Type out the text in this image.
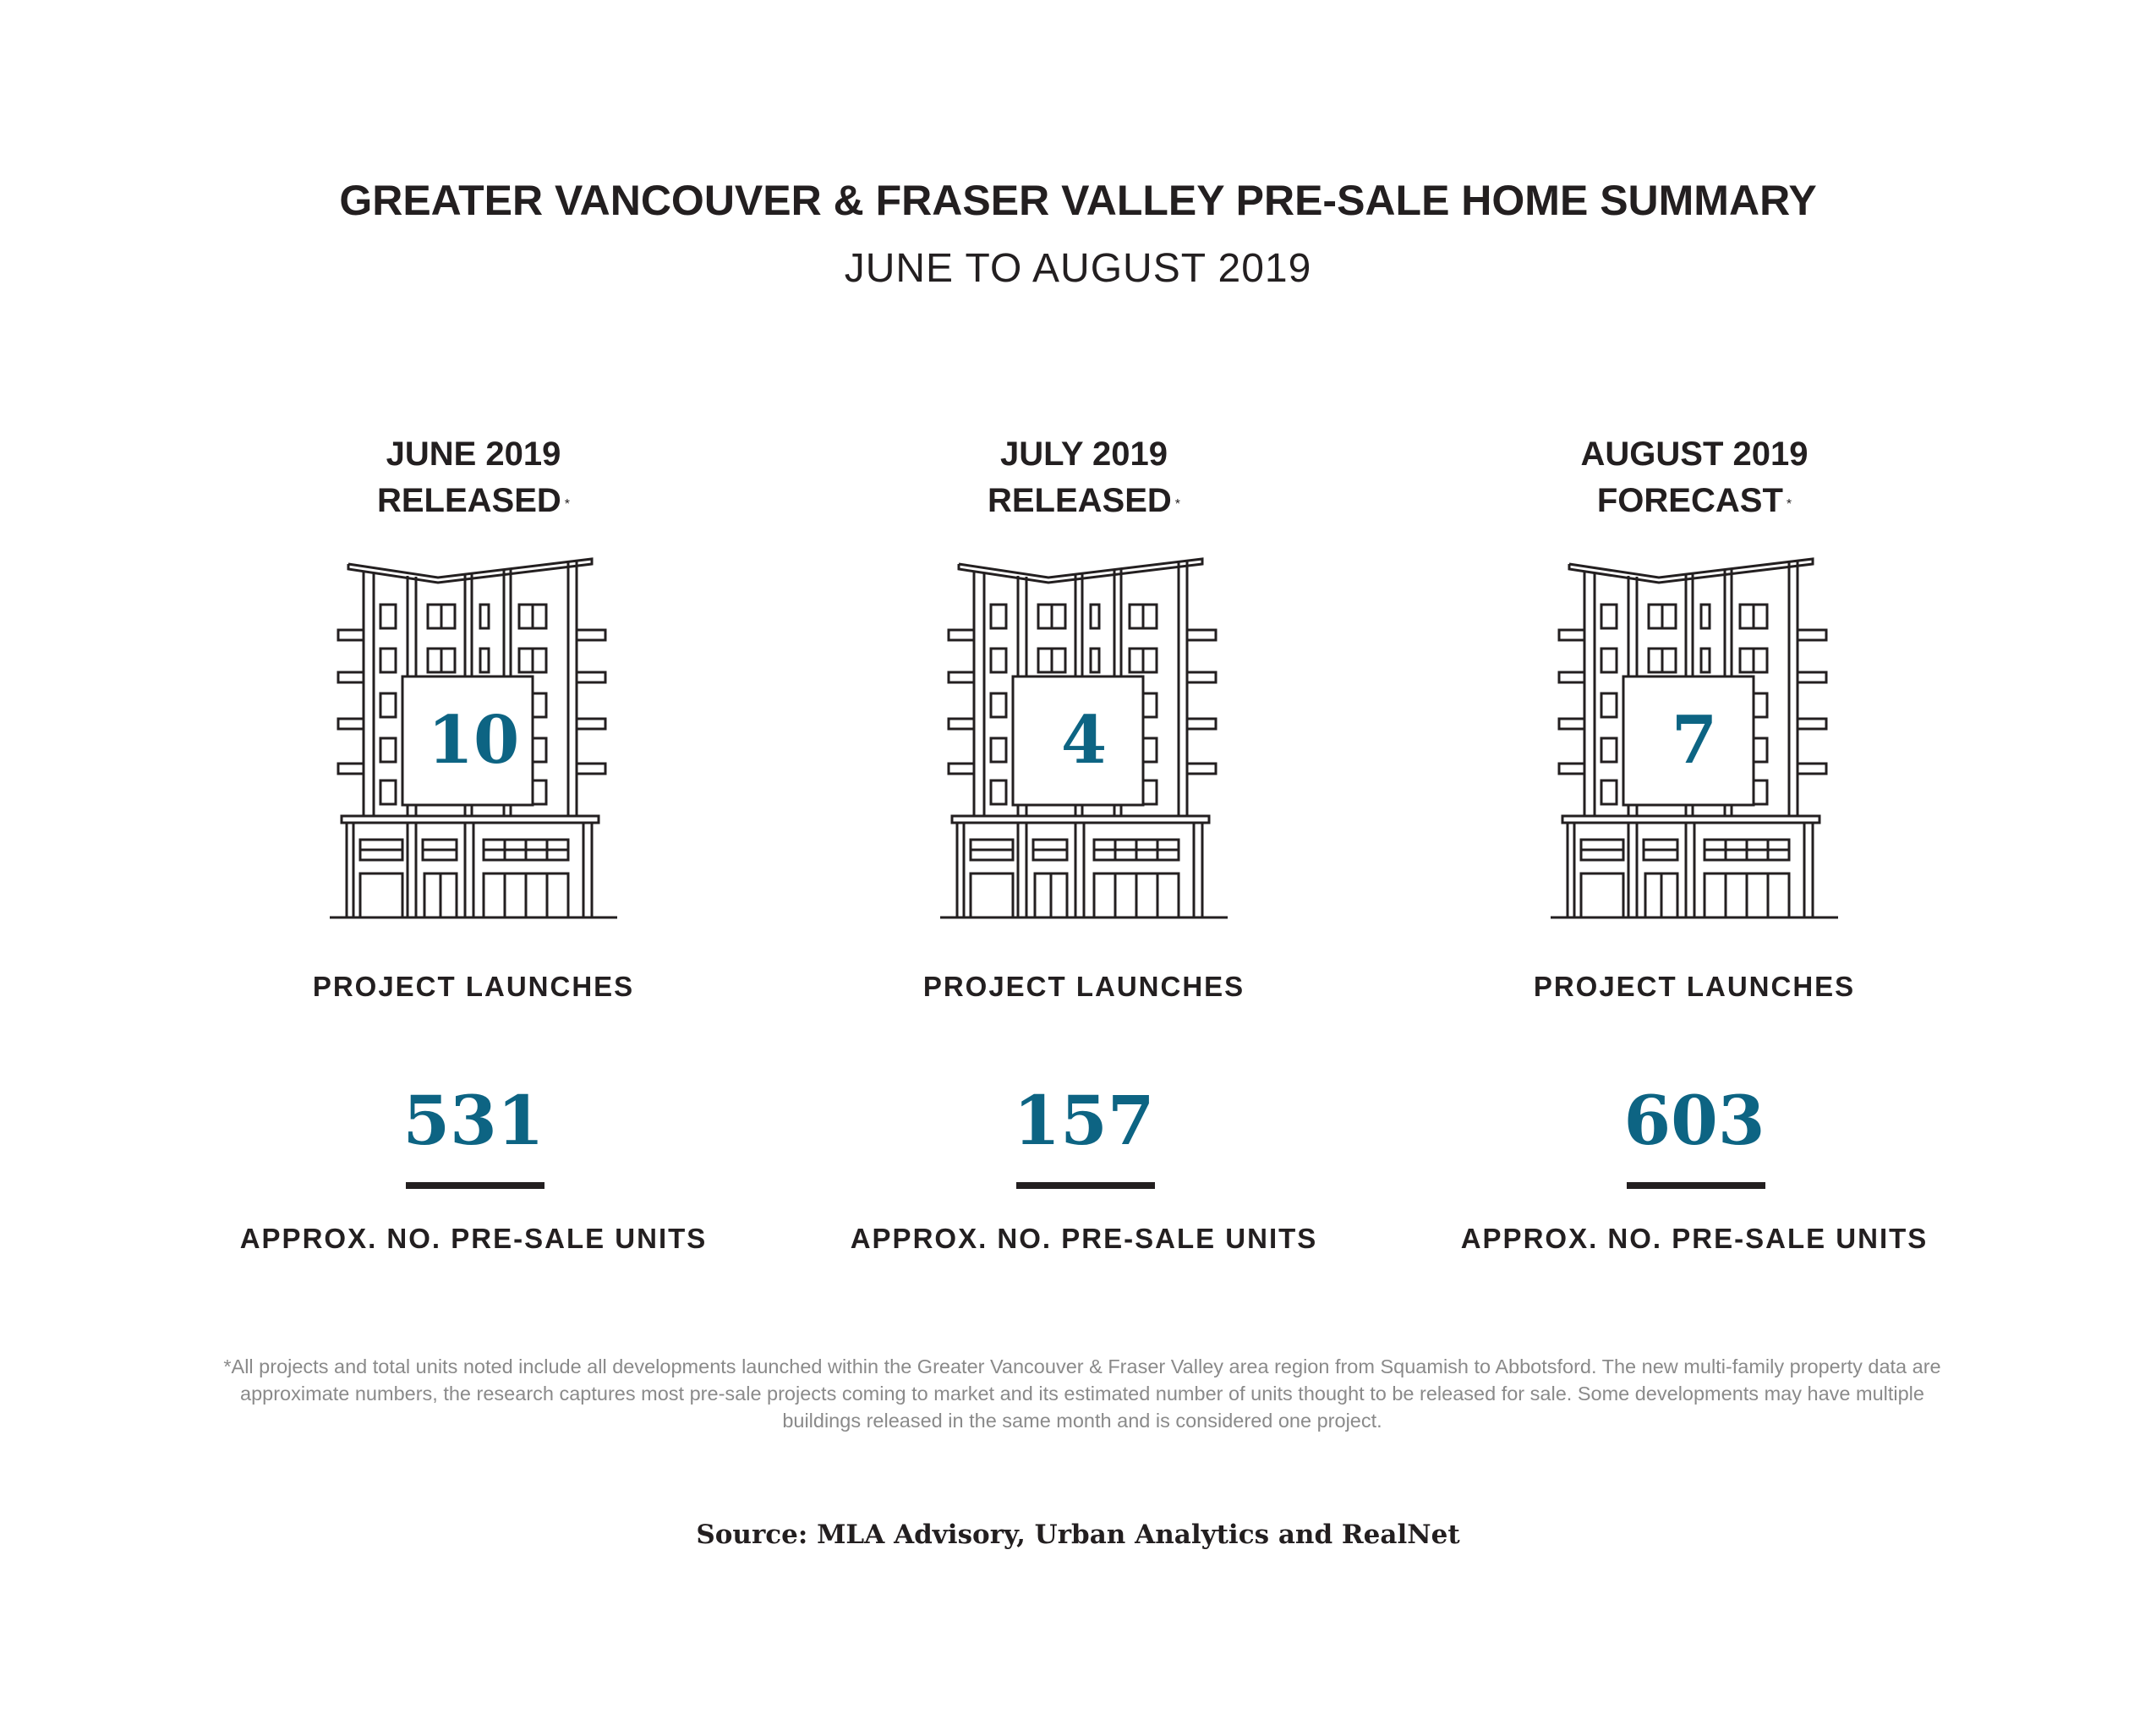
GREATER VANCOUVER & FRASER VALLEY PRE-SALE HOME SUMMARY
JUNE TO AUGUST 2019
JUNE 2019
RELEASED *
10
PROJECT LAUNCHES
531
APPROX. NO. PRE-SALE UNITS
JULY 2019
RELEASED *
4
PROJECT LAUNCHES
157
APPROX. NO. PRE-SALE UNITS
AUGUST 2019
FORECAST *
7
PROJECT LAUNCHES
603
APPROX. NO. PRE-SALE UNITS
*All projects and total units noted include all developments launched within the Greater Vancouver & Fraser Valley area region from Squamish to Abbotsford. The new multi-family property data are approximate numbers, the research captures most pre-sale projects coming to market and its estimated number of units thought to be released for sale. Some developments may have multiple buildings released in the same month and is considered one project.
Source: MLA Advisory, Urban Analytics and RealNet
